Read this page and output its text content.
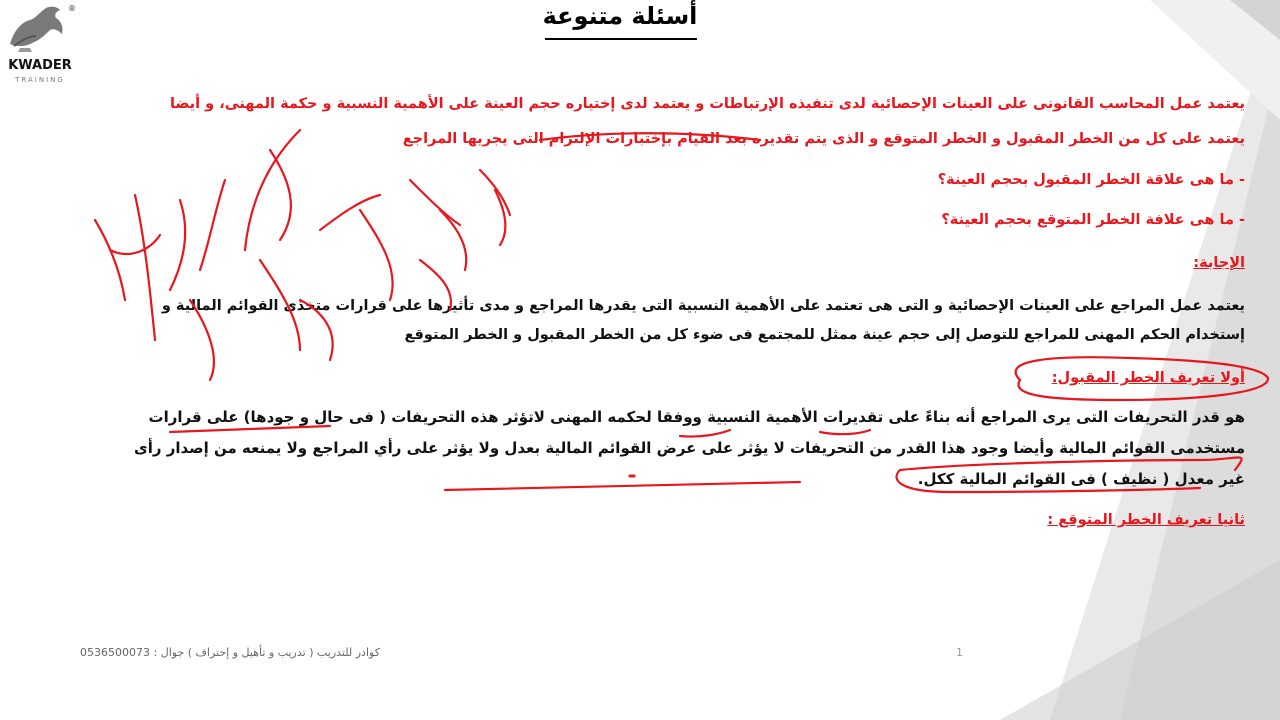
KWADER
TRAINING
®	أسئلة متنوعة
يعتمد عمل المحاسب القانونى على العينات الإحصائية لدى تنفيذه الإرتباطات و يعتمد لدى إختياره حجم العينة على الأهمية النسبية و حكمة المهنى، و أيضا
يعتمد على كل من الخطر المقبول و الخطر المتوقع و الذى يتم تقديره بعد القيام بإختبارات الإلتزام التى يجريها المراجع
- ما هى علاقة الخطر المقبول بحجم العينة؟
- ما هى علافة الخطر المتوقع بحجم العينة؟
الإجابة:
يعتمد عمل المراجع على العينات الإحصائية و التى هى تعتمد على الأهمية النسبية التى يقدرها المراجع و مدى تأثيرها على قرارات متخذى القوائم المالية و
إستخدام الحكم المهنى للمراجع للتوصل إلى حجم عينة ممثل للمجتمع فى ضوء كل من الخطر المقبول و الخطر المتوقع
أولا تعريف الخطر المقبول:
هو قدر التحريفات التى يرى المراجع أنه بناءً على تقديرات الأهمية النسبية ووفقا لحكمه المهنى لاتؤثر هذه التحريفات ( فى حال و جودها) على قرارات
مستخدمى القوائم المالية وأيضا وجود هذا القدر من التحريفات لا يؤثر على عرض القوائم المالية بعدل ولا يؤثر على رأي المراجع ولا يمنعه من إصدار رأى
غير معدل ( نظيف ) فى القوائم المالية ككل.
ثانيا تعريف الخطر المتوقع :
كوادر للتدريب ( تدريب و تأهيل و إحتراف ) جوال : 0536500073	1
